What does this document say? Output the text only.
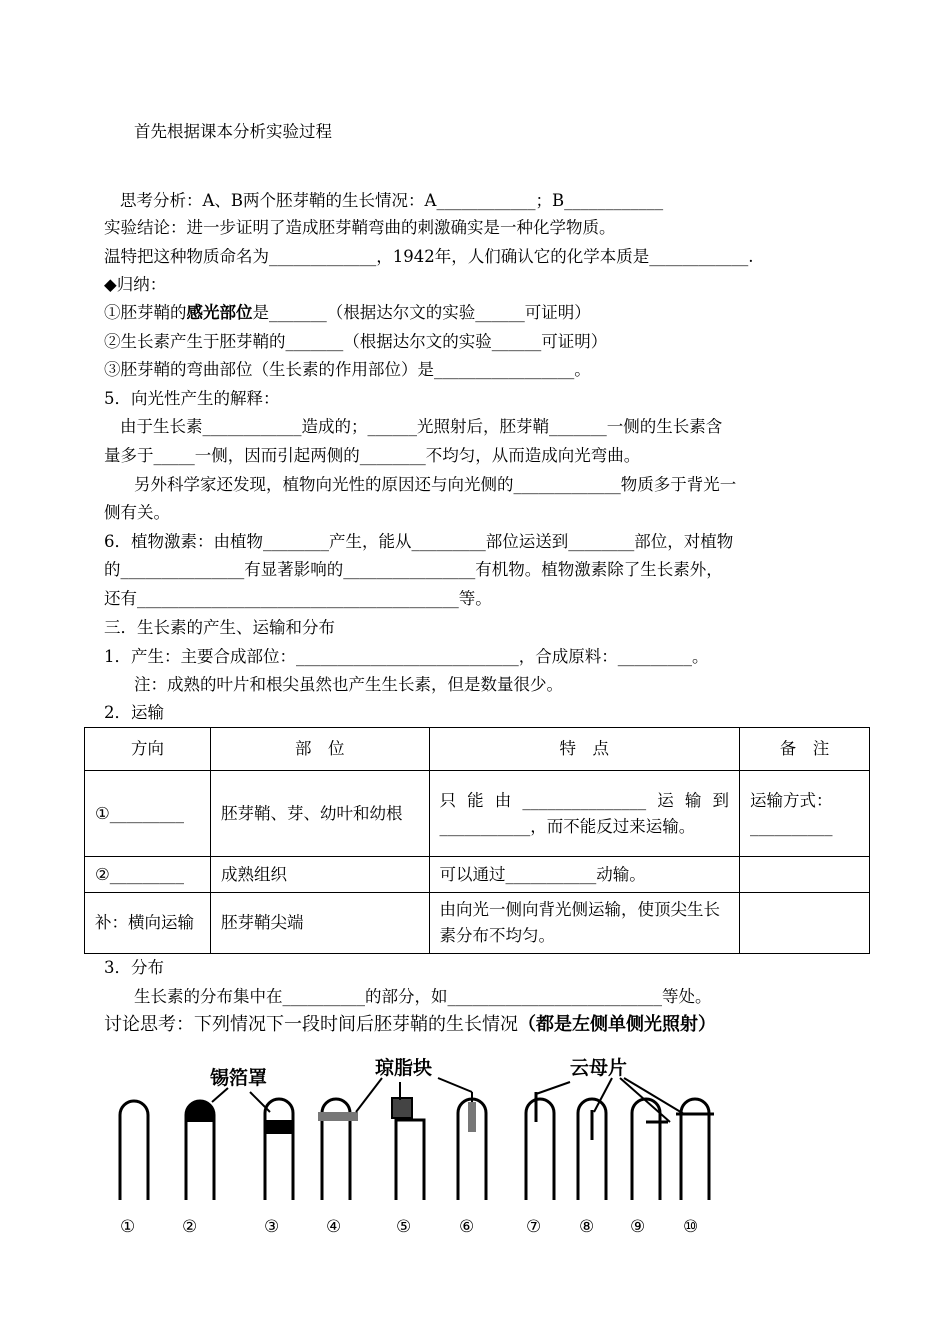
首先根据课本分析实验过程
思考分析：A、B两个胚芽鞘的生长情况：A____________；B____________
实验结论：进一步证明了造成胚芽鞘弯曲的刺激确实是一种化学物质。
温特把这种物质命名为_____________，1942年，人们确认它的化学本质是____________.
◆归纳：
①胚芽鞘的感光部位是_______（根据达尔文的实验______可证明）
②生长素产生于胚芽鞘的_______（根据达尔文的实验______可证明）
③胚芽鞘的弯曲部位（生长素的作用部位）是_________________。
5．向光性产生的解释：
由于生长素____________造成的；______光照射后，胚芽鞘_______一侧的生长素含
量多于_____一侧，因而引起两侧的________不均匀，从而造成向光弯曲。
另外科学家还发现，植物向光性的原因还与向光侧的_____________物质多于背光一
侧有关。
6．植物激素：由植物________产生，能从_________部位运送到________部位，对植物
的_______________有显著影响的________________有机物。植物激素除了生长素外，
还有_______________________________________等。
三．生长素的产生、运输和分布
1．产生：主要合成部位：___________________________，合成原料：_________。
注：成熟的叶片和根尖虽然也产生生长素，但是数量很少。
2．运输
方向	部　位	特　点	备　注
①_________	胚芽鞘、芽、幼叶和幼根	只能由_______________运输到___________，而不能反过来运输。	运输方式：__________
②_________	成熟组织	可以通过___________动输。	
补：横向运输	胚芽鞘尖端	由向光一侧向背光侧运输，使顶尖生长素分布不均匀。	
3．分布
生长素的分布集中在__________的部分，如__________________________等处。
讨论思考：下列情况下一段时间后胚芽鞘的生长情况（都是左侧单侧光照射）
锡箔罩	琼脂块	云母片
①	②	③	④	⑤	⑥	⑦ ⑧ ⑨ ⑩
